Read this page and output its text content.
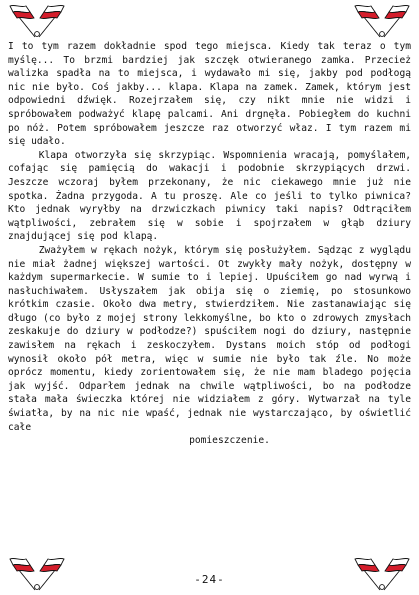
I to tym razem dokładnie spod tego miejsca. Kiedy tak teraz o tym myślę... To brzmi bardziej jak szczęk otwieranego zamka. Przecież walizka spadła na to miejsca, i wydawało mi się, jakby pod podłogą nic nie było. Coś jakby... klapa. Klapa na zamek. Zamek, którym jest odpowiedni dźwięk. Rozejrzałem się, czy nikt mnie nie widzi i spróbowałem podważyć klapę palcami. Ani drgnęła. Pobiegłem do kuchni po nóż. Potem spróbowałem jeszcze raz otworzyć właz. I tym razem mi się udało.

Klapa otworzyła się skrzypiąc. Wspomnienia wracają, pomyślałem, cofając się pamięcią do wakacji i podobnie skrzypiących drzwi. Jeszcze wczoraj byłem przekonany, że nic ciekawego mnie już nie spotka. Żadna przygoda. A tu proszę. Ale co jeśli to tylko piwnica? Kto jednak wyryłby na drzwiczkach piwnicy taki napis? Odtrąciłem wątpliwości, zebrałem się w sobie i spojrzałem w głąb dziury znajdującej się pod klapą.

Zważyłem w rękach nożyk, którym się posłużyłem. Sądząc z wyglądu nie miał żadnej większej wartości. Ot zwykły mały nożyk, dostępny w każdym supermarkecie. W sumie to i lepiej. Upuściłem go nad wyrwą i nasłuchiwałem. Usłyszałem jak obija się o ziemię, po stosunkowo krótkim czasie. Około dwa metry, stwierdziłem. Nie zastanawiając się długo (co było z mojej strony lekkomyślne, bo kto o zdrowych zmysłach zeskakuje do dziury w podłodze?) spuściłem nogi do dziury, następnie zawisłem na rękach i zeskoczyłem. Dystans moich stóp od podłogi wynosił około pół metra, więc w sumie nie było tak źle. No może oprócz momentu, kiedy zorientowałem się, że nie mam bladego pojęcia jak wyjść. Odparłem jednak na chwile wątpliwości, bo na podłodze stała mała świeczka której nie widziałem z góry. Wytwarzał na tyle światła, by na nic nie wpaść, jednak nie wystarczająco, by oświetlić całe

pomieszczenie.

-24-
